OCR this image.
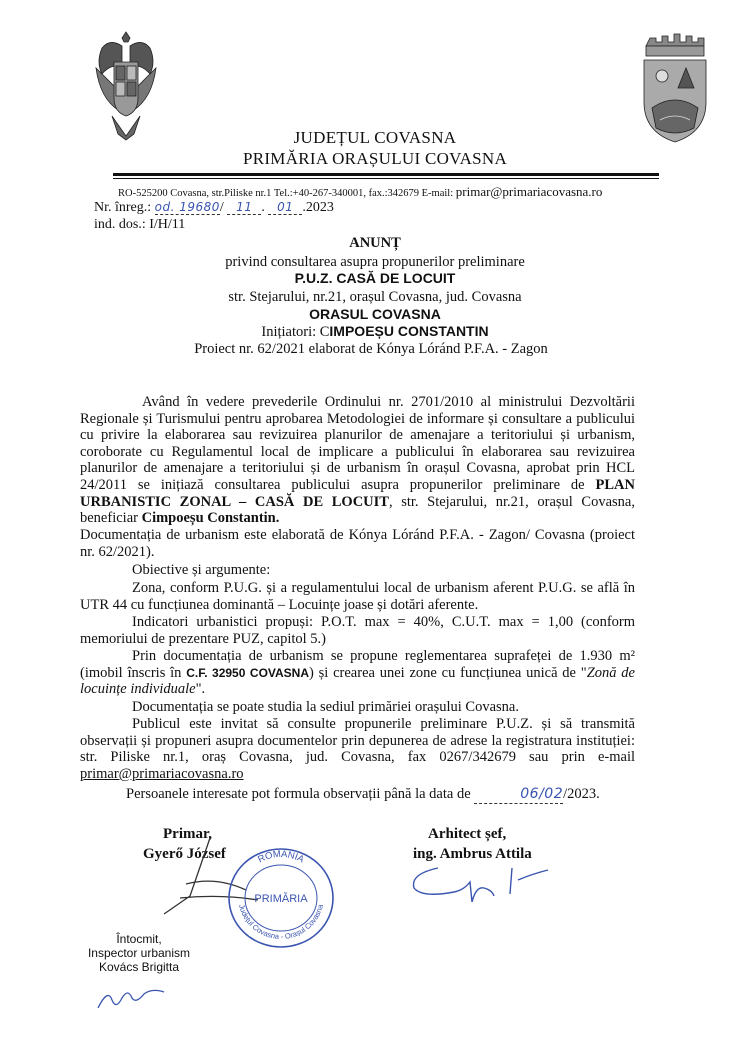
JUDEȚUL COVASNA
PRIMĂRIA ORAȘULUI COVASNA
RO-525200 Covasna, str.Piliske nr.1 Tel.:+40-267-340001, fax.:342679 E-mail: primar@primariacovasna.ro
Nr. înreg.: od. 19680/ 11 . 01 .2023
ind. dos.: I/H/11
ANUNȚ
privind consultarea asupra propunerilor preliminare
P.U.Z. CASĂ DE LOCUIT
str. Stejarului, nr.21, orașul Covasna, jud. Covasna
ORASUL COVASNA
Inițiatori: CIMPOEȘU CONSTANTIN
Proiect nr. 62/2021 elaborat de Kónya Lóránd P.F.A. - Zagon
Având în vedere prevederile Ordinului nr. 2701/2010 al ministrului Dezvoltării Regionale și Turismului pentru aprobarea Metodologiei de informare și consultare a publicului cu privire la elaborarea sau revizuirea planurilor de amenajare a teritoriului și urbanism, coroborate cu Regulamentul local de implicare a publicului în elaborarea sau revizuirea planurilor de amenajare a teritoriului și de urbanism în orașul Covasna, aprobat prin HCL 24/2011 se inițiază consultarea publicului asupra propunerilor preliminare de PLAN URBANISTIC ZONAL – CASĂ DE LOCUIT, str. Stejarului, nr.21, orașul Covasna, beneficiar Cimpoeșu Constantin.
Documentația de urbanism este elaborată de Kónya Lóránd P.F.A. - Zagon/ Covasna (proiect nr. 62/2021).
Obiective și argumente:
Zona, conform P.U.G. și a regulamentului local de urbanism aferent P.U.G. se află în UTR 44 cu funcțiunea dominantă – Locuințe joase și dotări aferente.
Indicatori urbanistici propuși: P.O.T. max = 40%, C.U.T. max = 1,00 (conform memoriului de prezentare PUZ, capitol 5.)
Prin documentația de urbanism se propune reglementarea suprafeței de 1.930 m² (imobil înscris în C.F. 32950 COVASNA) și crearea unei zone cu funcțiunea unică de "Zonă de locuințe individuale".
Documentația se poate studia la sediul primăriei orașului Covasna.
Publicul este invitat să consulte propunerile preliminare P.U.Z. și să transmită observații și propuneri asupra documentelor prin depunerea de adrese la registratura instituției: str. Piliske nr.1, oraș Covasna, jud. Covasna, fax 0267/342679 sau prin e-mail primar@primariacovasna.ro
Persoanele interesate pot formula observații până la data de	06/02/2023.
Primar,
Gyerő József
Arhitect șef,
ing. Ambrus Attila
ROMÂNIA
Județul Covasna - Orașul Covasna
PRIMĂRIA
Întocmit,
Inspector urbanism
Kovács Brigitta
